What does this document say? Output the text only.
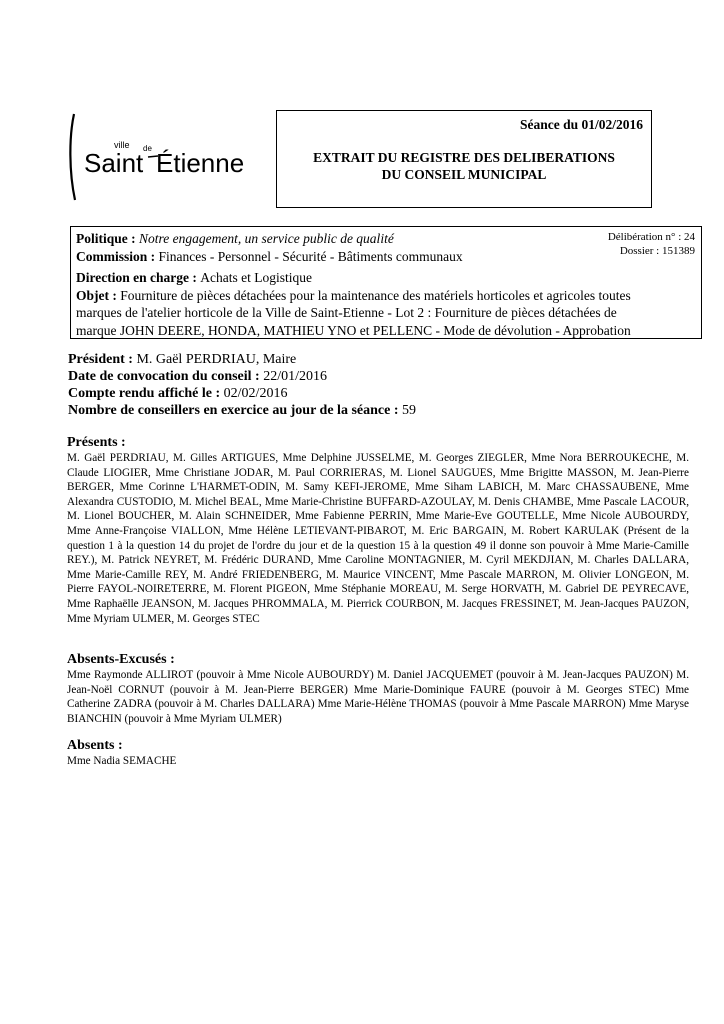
ville de
Saint Étienne
Séance du 01/02/2016
EXTRAIT DU REGISTRE DES DELIBERATIONS
DU CONSEIL MUNICIPAL
Délibération n° : 24
Dossier : 151389
Politique : Notre engagement, un service public de qualité
Commission : Finances - Personnel - Sécurité - Bâtiments communaux
Direction en charge : Achats et Logistique
Objet : Fourniture de pièces détachées pour la maintenance des matériels horticoles et agricoles toutes
marques de l'atelier horticole de la Ville de Saint-Etienne - Lot 2 : Fourniture de pièces détachées de
marque JOHN DEERE, HONDA, MATHIEU YNO et PELLENC - Mode de dévolution - Approbation
Président : M. Gaël PERDRIAU, Maire
Date de convocation du conseil : 22/01/2016
Compte rendu affiché le : 02/02/2016
Nombre de conseillers en exercice au jour de la séance : 59
Présents :
M. Gaël PERDRIAU, M. Gilles ARTIGUES, Mme Delphine JUSSELME, M. Georges ZIEGLER, Mme Nora BERROUKECHE, M. Claude LIOGIER, Mme Christiane JODAR, M. Paul CORRIERAS, M. Lionel SAUGUES, Mme Brigitte MASSON, M. Jean-Pierre BERGER, Mme Corinne L'HARMET-ODIN, M. Samy KEFI-JEROME, Mme Siham LABICH, M. Marc CHASSAUBENE, Mme Alexandra CUSTODIO, M. Michel BEAL, Mme Marie-Christine BUFFARD-AZOULAY, M. Denis CHAMBE, Mme Pascale LACOUR, M. Lionel BOUCHER, M. Alain SCHNEIDER, Mme Fabienne PERRIN, Mme Marie-Eve GOUTELLE, Mme Nicole AUBOURDY, Mme Anne-Françoise VIALLON, Mme Hélène LETIEVANT-PIBAROT, M. Eric BARGAIN, M. Robert KARULAK (Présent de la question 1 à la question 14 du projet de l'ordre du jour et de la question 15 à la question 49 il donne son pouvoir à Mme Marie-Camille REY.), M. Patrick NEYRET, M. Frédéric DURAND, Mme Caroline MONTAGNIER, M. Cyril MEKDJIAN, M. Charles DALLARA, Mme Marie-Camille REY, M. André FRIEDENBERG, M. Maurice VINCENT, Mme Pascale MARRON, M. Olivier LONGEON, M. Pierre FAYOL-NOIRETERRE, M. Florent PIGEON, Mme Stéphanie MOREAU, M. Serge HORVATH, M. Gabriel DE PEYRECAVE, Mme Raphaëlle JEANSON, M. Jacques PHROMMALA, M. Pierrick COURBON, M. Jacques FRESSINET, M. Jean-Jacques PAUZON, Mme Myriam ULMER, M. Georges STEC
Absents-Excusés :
Mme Raymonde ALLIROT (pouvoir à Mme Nicole AUBOURDY) M. Daniel JACQUEMET (pouvoir à M. Jean-Jacques PAUZON) M. Jean-Noël CORNUT (pouvoir à M. Jean-Pierre BERGER) Mme Marie-Dominique FAURE (pouvoir à M. Georges STEC) Mme Catherine ZADRA (pouvoir à M. Charles DALLARA) Mme Marie-Hélène THOMAS (pouvoir à Mme Pascale MARRON) Mme Maryse BIANCHIN (pouvoir à Mme Myriam ULMER)
Absents :
Mme Nadia SEMACHE
